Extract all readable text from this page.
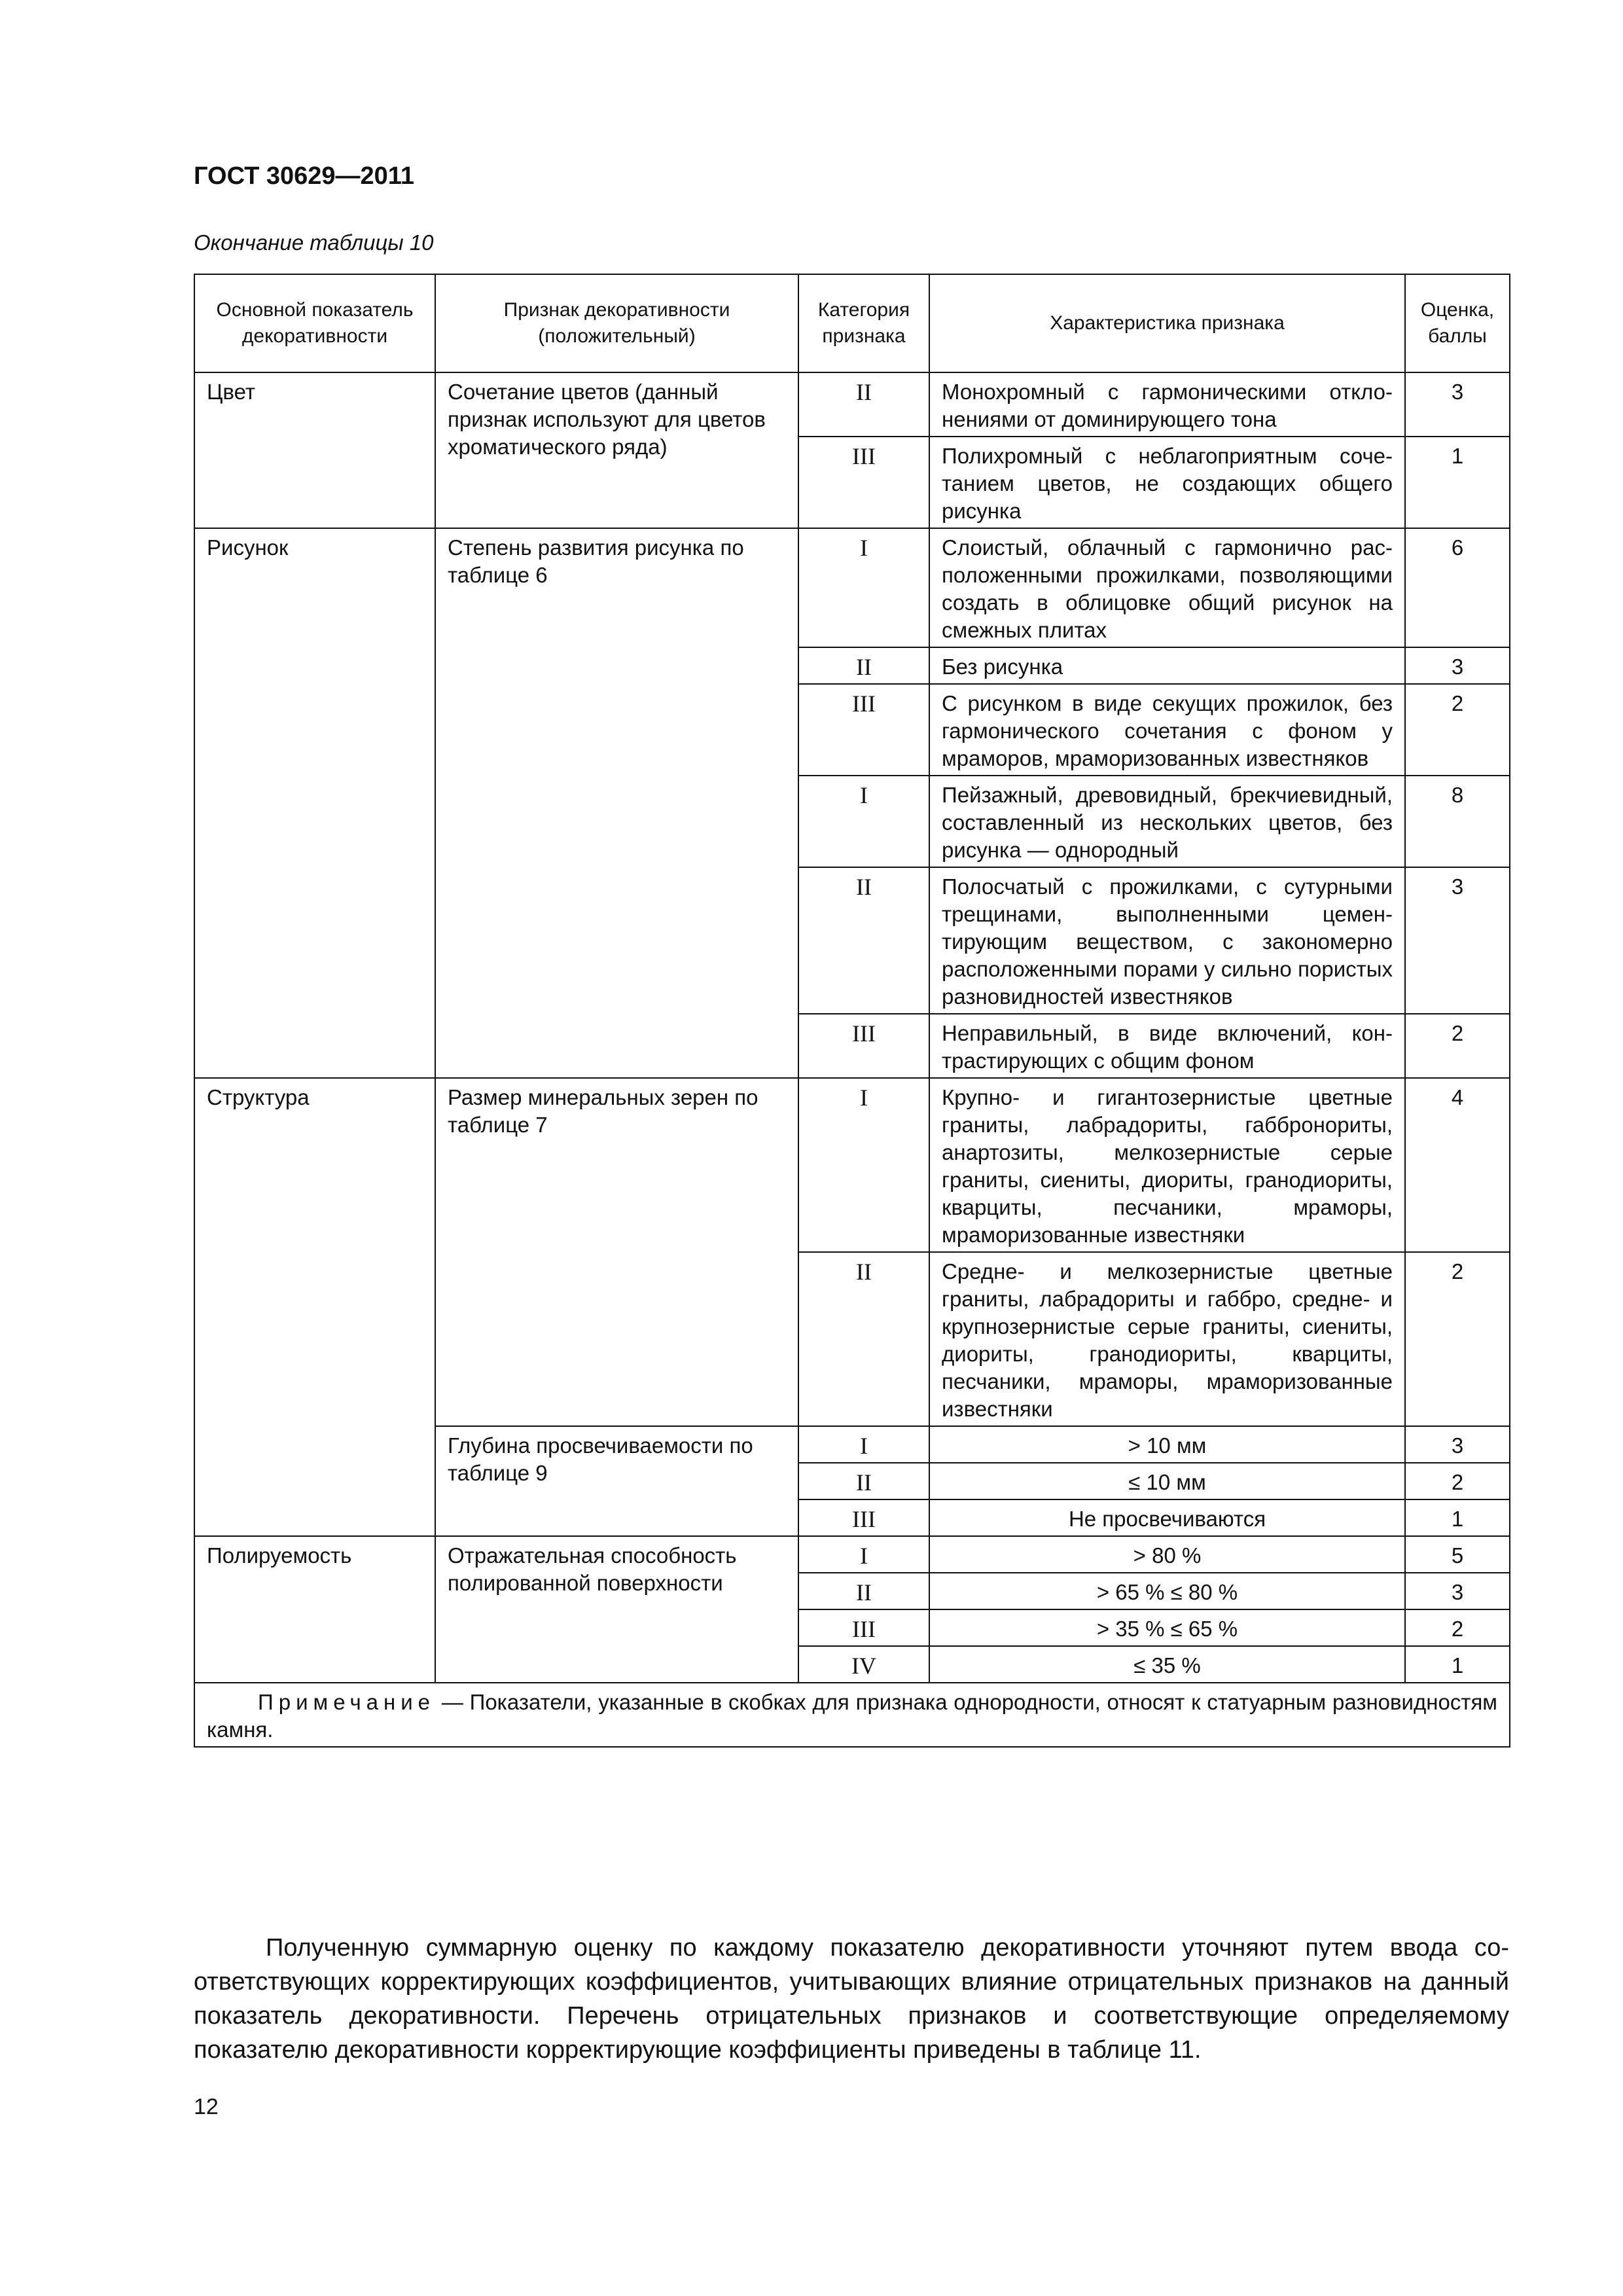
ГОСТ 30629—2011
Окончание таблицы 10
Основной показатель декоративности	Признак декоративности (положительный)	Категория признака	Характеристика признака	Оценка, баллы
Цвет	Сочетание цветов (данный признак используют для цветов хроматического ряда)	II	Монохромный с гармоническими отклонениями от доминирующего тона	3
		III	Полихромный с неблагоприятным сочетанием цветов, не создающих общего рисунка	1
Рисунок	Степень развития рисунка по таблице 6	I	Слоистый, облачный с гармонично расположенными прожилками, позволяющими создать в облицовке общий рисунок на смежных плитах	6
		II	Без рисунка	3
		III	С рисунком в виде секущих прожилок, без гармонического сочетания с фоном у мраморов, мраморизованных известняков	2
		I	Пейзажный, древовидный, брекчиевидный, составленный из нескольких цветов, без рисунка — однородный	8
		II	Полосчатый с прожилками, с сутурными трещинами, выполненными цементирующим веществом, с закономерно расположенными порами у сильно пористых разновидностей известняков	3
		III	Неправильный, в виде включений, контрастирующих с общим фоном	2
Структура	Размер минеральных зерен по таблице 7	I	Крупно- и гигантозернистые цветные граниты, лабрадориты, габбронориты, анартозиты, мелкозернистые серые граниты, сиениты, диориты, гранодиориты, кварциты, песчаники, мраморы, мраморизованные известняки	4
		II	Средне- и мелкозернистые цветные граниты, лабрадориты и габбро, средне- и крупнозернистые серые граниты, сиениты, диориты, гранодиориты, кварциты, песчаники, мраморы, мраморизованные известняки	2
	Глубина просвечиваемости по таблице 9	I	> 10 мм	3
		II	≤ 10 мм	2
		III	Не просвечиваются	1
Полируемость	Отражательная способность полированной поверхности	I	> 80 %	5
		II	> 65 % ≤ 80 %	3
		III	> 35 % ≤ 65 %	2
		IV	≤ 35 %	1
Примечание — Показатели, указанные в скобках для признака однородности, относят к статуарным разновидностям камня.				
Полученную суммарную оценку по каждому показателю декоративности уточняют путем ввода соответствующих корректирующих коэффициентов, учитывающих влияние отрицательных признаков на данный показатель декоративности. Перечень отрицательных признаков и соответствующие определяемому показателю декоративности корректирующие коэффициенты приведены в таблице 11.
12
